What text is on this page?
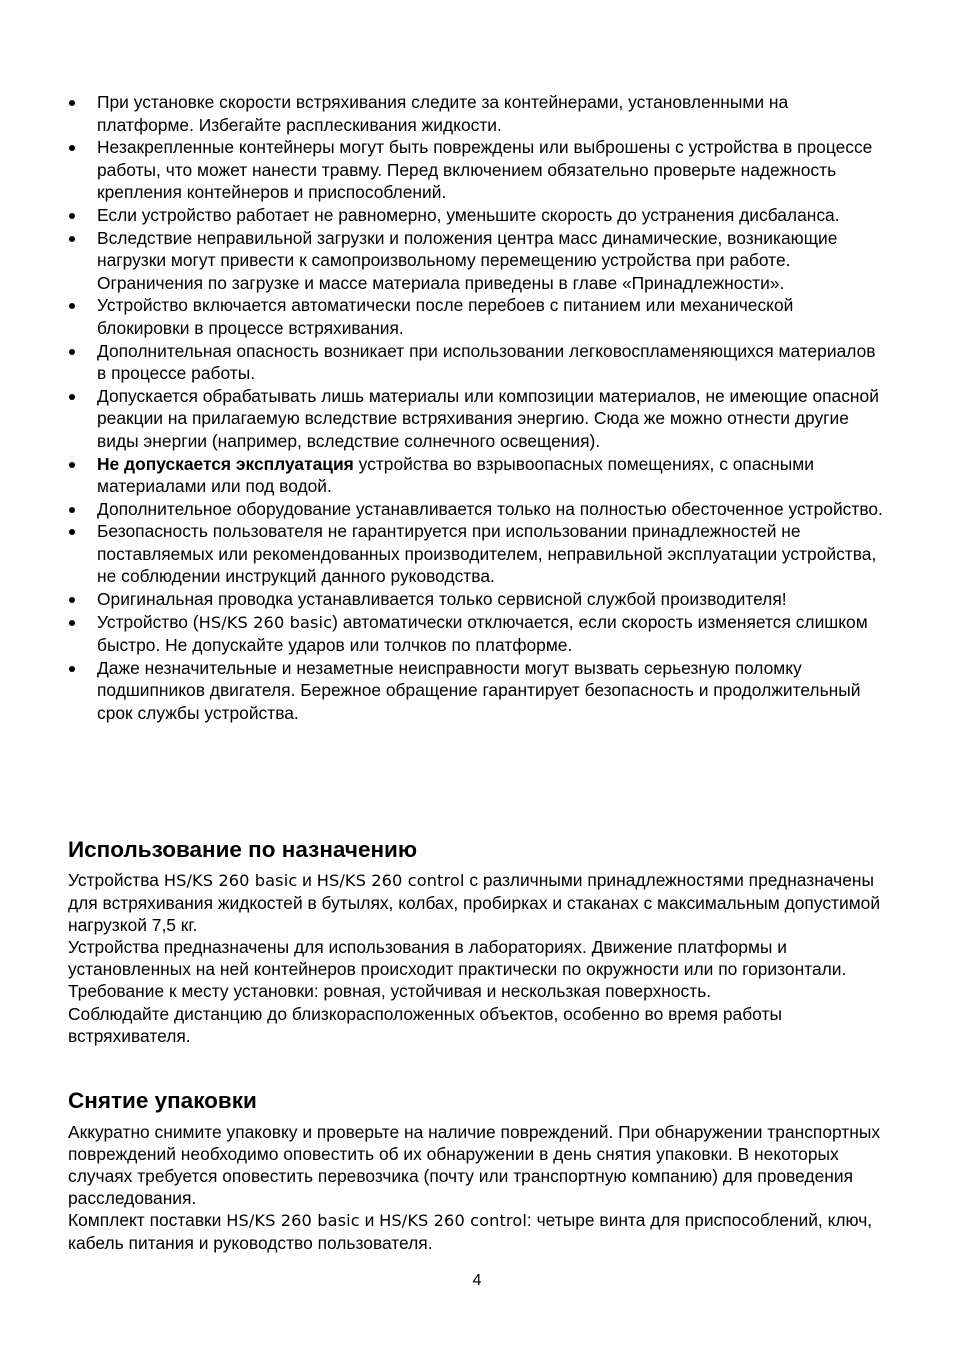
При установке скорости встряхивания следите за контейнерами, установленными на платформе. Избегайте расплескивания жидкости.
Незакрепленные контейнеры могут быть повреждены или выброшены с устройства в процессе работы, что может нанести травму. Перед включением обязательно проверьте надежность крепления контейнеров и приспособлений.
Если устройство работает не равномерно, уменьшите скорость до устранения дисбаланса.
Вследствие неправильной загрузки и положения центра масс динамические, возникающие нагрузки могут привести к самопроизвольному перемещению устройства при работе. Ограничения по загрузке и массе материала приведены в главе «Принадлежности».
Устройство включается автоматически после перебоев с питанием или механической блокировки в процессе встряхивания.
Дополнительная опасность возникает при использовании легковоспламеняющихся материалов в процессе работы.
Допускается обрабатывать лишь материалы или композиции материалов, не имеющие опасной реакции на прилагаемую вследствие встряхивания энергию. Сюда же можно отнести другие виды энергии (например, вследствие солнечного освещения).
Не допускается эксплуатация устройства во взрывоопасных помещениях, с опасными материалами или под водой.
Дополнительное оборудование устанавливается только на полностью обесточенное устройство.
Безопасность пользователя не гарантируется при использовании принадлежностей не поставляемых или рекомендованных производителем, неправильной эксплуатации устройства, не соблюдении инструкций данного руководства.
Оригинальная проводка устанавливается только сервисной службой производителя!
Устройство (HS/KS 260 basic) автоматически отключается, если скорость изменяется слишком быстро. Не допускайте ударов или толчков по платформе.
Даже незначительные и незаметные неисправности могут вызвать серьезную поломку подшипников двигателя. Бережное обращение гарантирует безопасность и продолжительный срок службы устройства.
Использование по назначению

Устройства HS/KS 260 basic и HS/KS 260 control с различными принадлежностями предназначены для встряхивания жидкостей в бутылях, колбах, пробирках и стаканах с максимальным допустимой нагрузкой 7,5 кг.

Устройства предназначены для использования в лабораториях. Движение платформы и установленных на ней контейнеров происходит практически по окружности или по горизонтали.

Требование к месту установки: ровная, устойчивая и нескользкая поверхность.

Соблюдайте дистанцию до близкорасположенных объектов, особенно во время работы встряхивателя.

Снятие упаковки

Аккуратно снимите упаковку и проверьте на наличие повреждений. При обнаружении транспортных повреждений необходимо оповестить об их обнаружении в день снятия упаковки. В некоторых случаях требуется оповестить перевозчика (почту или транспортную компанию) для проведения расследования.

Комплект поставки HS/KS 260 basic и HS/KS 260 control: четыре винта для приспособлений, ключ, кабель питания и руководство пользователя.

4
